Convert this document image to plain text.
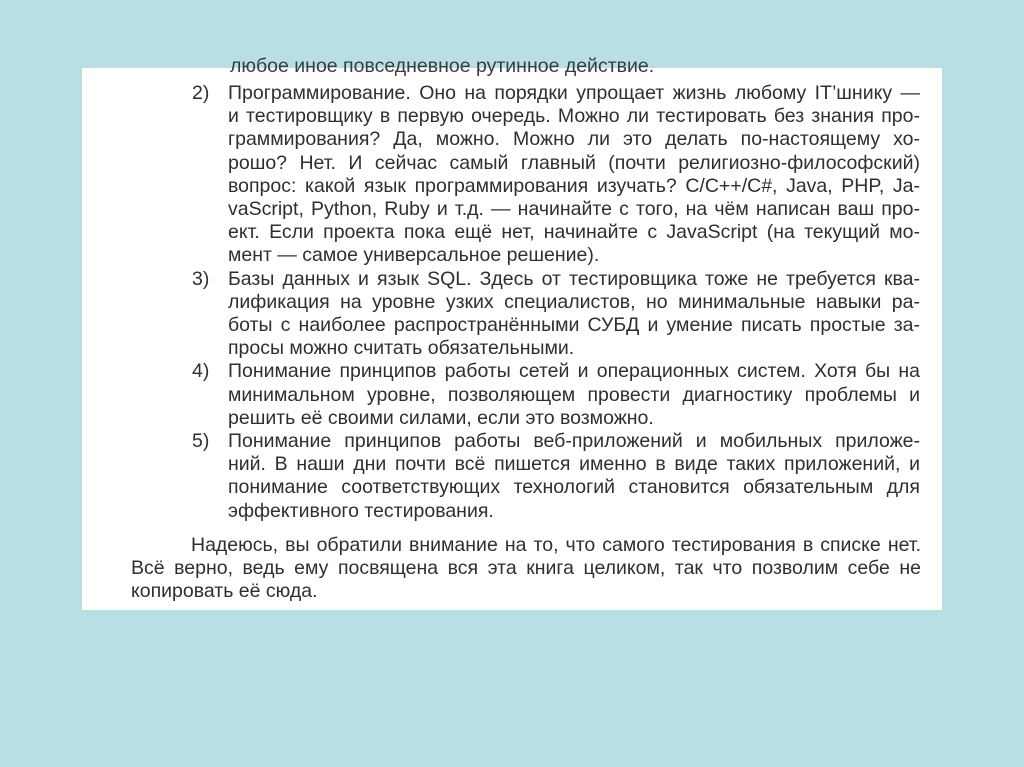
любое иное повседневное рутинное действие.

2) Программирование. Оно на порядки упрощает жизнь любому IT’шнику —
и тестировщику в первую очередь. Можно ли тестировать без знания про-
граммирования? Да, можно. Можно ли это делать по-настоящему хо-
рошо? Нет. И сейчас самый главный (почти религиозно-философский)
вопрос: какой язык программирования изучать? C/C++/C#, Java, PHP, Ja-
vaScript, Python, Ruby и т.д. — начинайте с того, на чём написан ваш про-
ект. Если проекта пока ещё нет, начинайте с JavaScript (на текущий мо-
мент — самое универсальное решение).
3) Базы данных и язык SQL. Здесь от тестировщика тоже не требуется ква-
лификация на уровне узких специалистов, но минимальные навыки ра-
боты с наиболее распространёнными СУБД и умение писать простые за-
просы можно считать обязательными.
4) Понимание принципов работы сетей и операционных систем. Хотя бы на
минимальном уровне, позволяющем провести диагностику проблемы и
решить её своими силами, если это возможно.
5) Понимание принципов работы веб-приложений и мобильных приложе-
ний. В наши дни почти всё пишется именно в виде таких приложений, и
понимание соответствующих технологий становится обязательным для
эффективного тестирования.

Надеюсь, вы обратили внимание на то, что самого тестирования в списке нет.
Всё верно, ведь ему посвящена вся эта книга целиком, так что позволим себе не
копировать её сюда.
